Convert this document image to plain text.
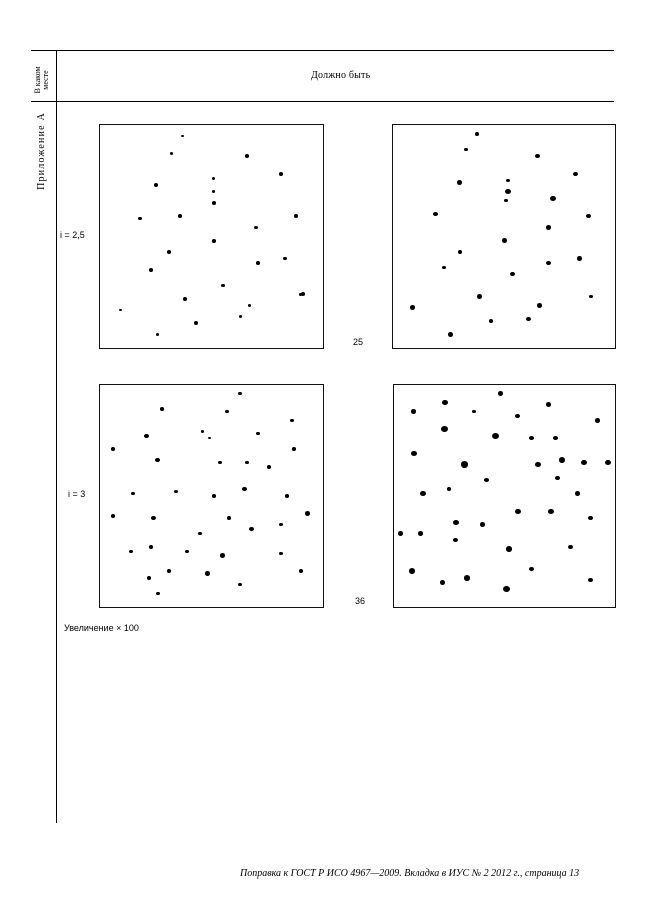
В каком месте
Приложение А
Должно быть
i = 2,5
25
i = 3
36
Увеличение × 100
Поправка к ГОСТ Р ИСО 4967—2009. Вкладка в ИУС № 2 2012 г., страница 13
